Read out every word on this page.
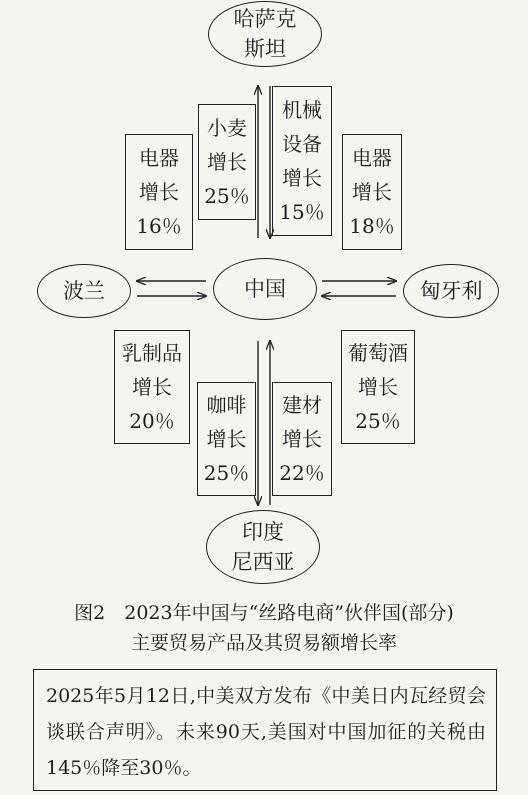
哈萨克
斯坦
中国
波兰	匈牙利
印度
尼西亚
电器
增长
16％
小麦
增长
25％
机械
设备
增长
15％
电器
增长
18％
乳制品
增长
20％
咖啡
增长
25％
建材
增长
22％
葡萄酒
增长
25％
图2　2023年中国与“丝路电商”伙伴国(部分)
主要贸易产品及其贸易额增长率
2025年5月12日,中美双方发布《中美日内瓦经贸会谈联合声明》。未来90天,美国对中国加征的关税由145％降至30％。
